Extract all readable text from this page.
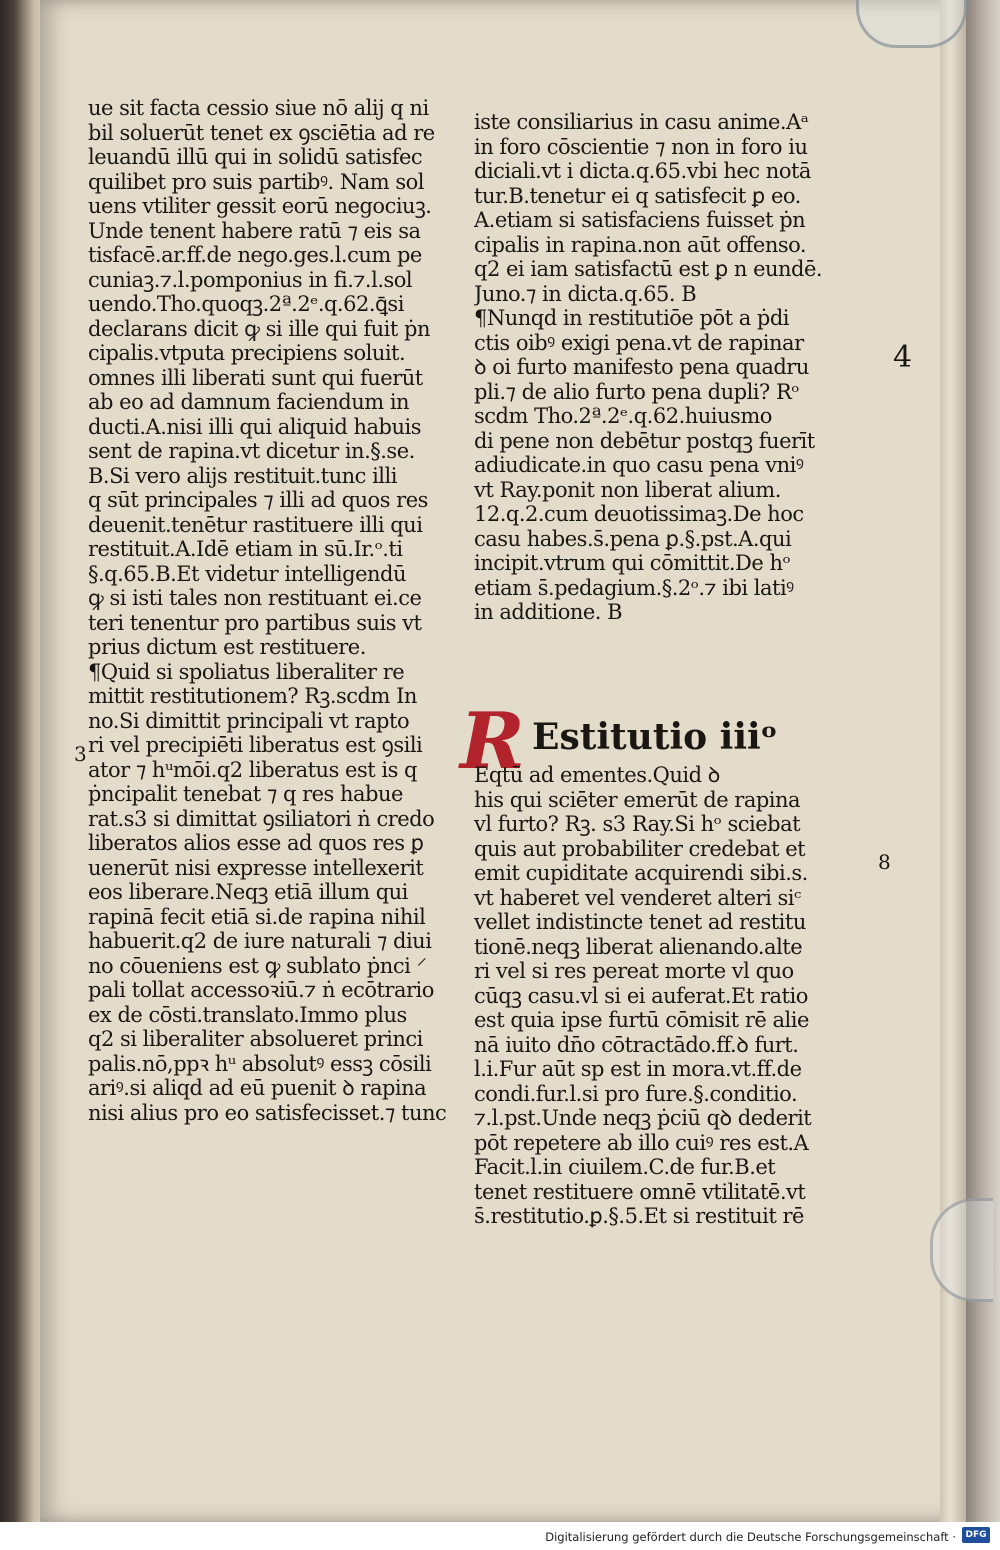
ue sit facta cessio siue nō alij q ni
bil soluerūt tenet ex ꝯsciētia ad re
leuandū illū qui in solidū satisfec
quilibet pro suis partibꝰ. Nam sol
uens vtiliter gessit eorū negociuꝫ.
Unde tenent habere ratū ⁊ eis sa
tisfacē.ar.ff.de nego.ges.l.cum pe
cuniaꝫ.⁊.l.pomponius in fi.⁊.l.sol
uendo.Tho.quoqꝫ.2ª.2ᵉ.q.62.ꝗ̄si
declarans dicit ꝙ si ille qui fuit ṗn
cipalis.vtputa precipiens soluit.
omnes illi liberati sunt qui fuerūt
ab eo ad damnum faciendum in
ducti.A.nisi illi qui aliquid habuis
sent de rapina.vt dicetur in.§.se.
B.Si vero alijs restituit.tunc illi
q sūt principales ⁊ illi ad quos res
deuenit.tenētur rastituere illi qui
restituit.A.Idē etiam in sū.Ir.ᵒ.ti
§.q.65.B.Et videtur intelligendū
ꝙ si isti tales non restituant ei.ce
teri tenentur pro partibus suis vt
prius dictum est restituere.
¶Quid si spoliatus liberaliter re
mittit restitutionem? Rꝫ.scdm In
no.Si dimittit principali vt rapto
ri vel precipiēti liberatus est ꝯsili
ator ⁊ hᵘmōi.q2 liberatus est is q
ṗncipalit tenebat ⁊ q res habue
rat.s3 si dimittat ꝯsiliatori ṅ credo
liberatos alios esse ad quos res ꝑ
uenerūt nisi expresse intellexerit
eos liberare.Neqꝫ etiā illum qui
rapinā fecit etiā si.de rapina nihil
habuerit.q2 de iure naturali ⁊ diui
no cōueniens est ꝙ sublato ṗnci ⸍
pali tollat accessoꝛiū.⁊ ṅ ecōtrario
ex de cōsti.translato.Immo plus
q2 si liberaliter absolueret princi
palis.nō,ppꝛ hᵘ absolutꝰ essꝫ cōsili
ariꝰ.si aliqd ad eū puenit ꝺ rapina
nisi alius pro eo satisfecisset.⁊ tunc
iste consiliarius in casu anime.Aᵃ
in foro cōscientie ⁊ non in foro iu
diciali.vt i dicta.q.65.vbi hec notā
tur.B.tenetur ei q satisfecit ꝑ eo.
A.etiam si satisfaciens fuisset ṗn
cipalis in rapina.non aūt offenso.
q2 ei iam satisfactū est ꝑ n eundē.
Juno.⁊ in dicta.q.65. B
¶Nunqd in restitutiōe pōt a ṗdi
ctis oibꝰ exigi pena.vt de rapinar
ꝺ oi furto manifesto pena quadru
pli.⁊ de alio furto pena dupli? Rᵒ
scdm Tho.2ª.2ᵉ.q.62.huiusmo
di pene non debētur postqꝫ fuerīt
adiudicate.in quo casu pena vniꝰ
vt Ray.ponit non liberat alium.
12.q.2.cum deuotissimaꝫ.De hoc
casu habes.s̄.pena ꝑ.§.pst.A.qui
incipit.vtrum qui cōmittit.De hᵒ
etiam s̄.pedagium.§.2ᵒ.⁊ ibi latiꝰ
in additione. B
R Estitutio iiiᵒ
Eqtū ad ementes.Quid ꝺ
his qui sciēter emerūt de rapina
vl furto? Rꝫ. s3 Ray.Si hᵒ sciebat
quis aut probabiliter credebat et
emit cupiditate acquirendi sibi.s.
vt haberet vel venderet alteri siᶜ
vellet indistincte tenet ad restitu
tionē.neqꝫ liberat alienando.alte
ri vel si res pereat morte vl quo
cūqꝫ casu.vl si ei auferat.Et ratio
est quia ipse furtū cōmisit rē alie
nā iuito dn̄o cōtractādo.ff.ꝺ furt.
l.i.Fur aūt sp est in mora.vt.ff.de
condi.fur.l.si pro fure.§.conditio.
⁊.l.pst.Unde neqꝫ ṗciū qꝺ dederit
pōt repetere ab illo cuiꝰ res est.A
Facit.l.in ciuilem.C.de fur.B.et
tenet restituere omnē vtilitatē.vt
s̄.restitutio.ꝑ.§.5.Et si restituit rē
4
3
8
Digitalisierung gefördert durch die Deutsche Forschungsgemeinschaft ·	DFG
